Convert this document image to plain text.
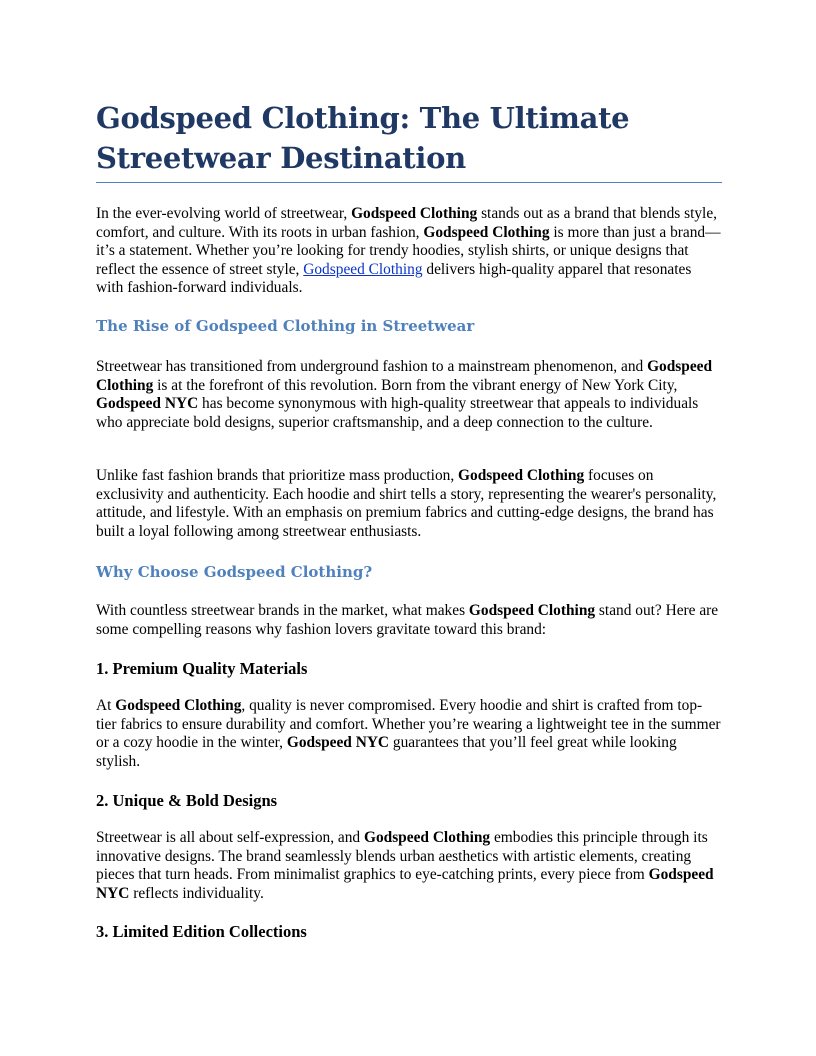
Godspeed Clothing: The Ultimate Streetwear Destination

In the ever-evolving world of streetwear, Godspeed Clothing stands out as a brand that blends style, comfort, and culture. With its roots in urban fashion, Godspeed Clothing is more than just a brand—it’s a statement. Whether you’re looking for trendy hoodies, stylish shirts, or unique designs that reflect the essence of street style, Godspeed Clothing delivers high-quality apparel that resonates with fashion-forward individuals.

The Rise of Godspeed Clothing in Streetwear

Streetwear has transitioned from underground fashion to a mainstream phenomenon, and Godspeed Clothing is at the forefront of this revolution. Born from the vibrant energy of New York City, Godspeed NYC has become synonymous with high-quality streetwear that appeals to individuals who appreciate bold designs, superior craftsmanship, and a deep connection to the culture.

Unlike fast fashion brands that prioritize mass production, Godspeed Clothing focuses on exclusivity and authenticity. Each hoodie and shirt tells a story, representing the wearer's personality, attitude, and lifestyle. With an emphasis on premium fabrics and cutting-edge designs, the brand has built a loyal following among streetwear enthusiasts.

Why Choose Godspeed Clothing?

With countless streetwear brands in the market, what makes Godspeed Clothing stand out? Here are some compelling reasons why fashion lovers gravitate toward this brand:

1. Premium Quality Materials

At Godspeed Clothing, quality is never compromised. Every hoodie and shirt is crafted from top-tier fabrics to ensure durability and comfort. Whether you’re wearing a lightweight tee in the summer or a cozy hoodie in the winter, Godspeed NYC guarantees that you’ll feel great while looking stylish.

2. Unique & Bold Designs

Streetwear is all about self-expression, and Godspeed Clothing embodies this principle through its innovative designs. The brand seamlessly blends urban aesthetics with artistic elements, creating pieces that turn heads. From minimalist graphics to eye-catching prints, every piece from Godspeed NYC reflects individuality.

3. Limited Edition Collections
